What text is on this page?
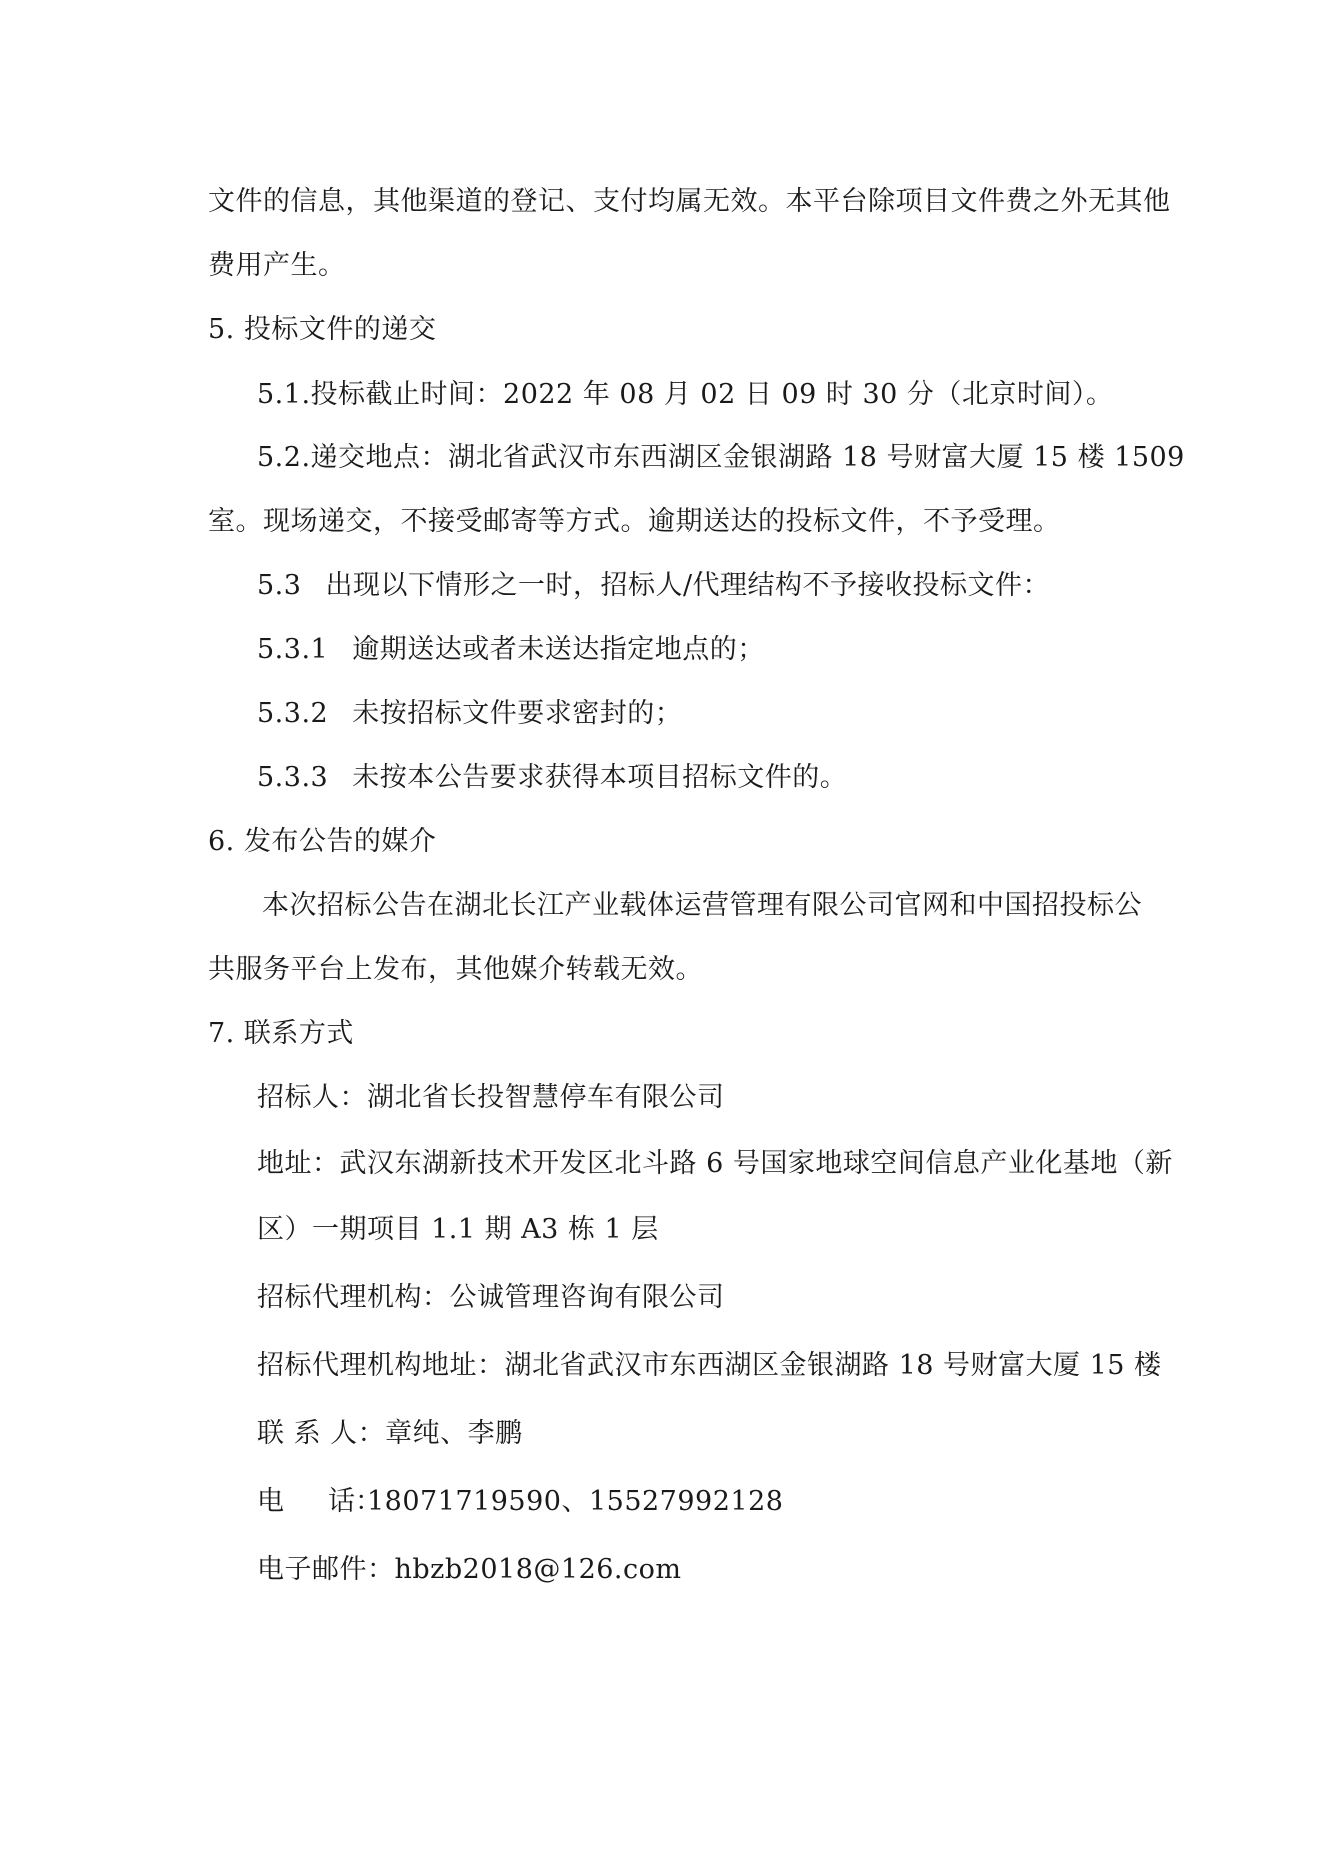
文件的信息，其他渠道的登记、支付均属无效。本平台除项目文件费之外无其他
费用产生。
5. 投标文件的递交
5.1.投标截止时间：2022 年 08 月 02 日 09 时 30 分（北京时间）。
5.2.递交地点：湖北省武汉市东西湖区金银湖路 18 号财富大厦 15 楼 1509
室。现场递交，不接受邮寄等方式。逾期送达的投标文件，不予受理。
5.3 出现以下情形之一时，招标人/代理结构不予接收投标文件：
5.3.1 逾期送达或者未送达指定地点的；
5.3.2 未按招标文件要求密封的；
5.3.3 未按本公告要求获得本项目招标文件的。
6. 发布公告的媒介
本次招标公告在湖北长江产业载体运营管理有限公司官网和中国招投标公
共服务平台上发布，其他媒介转载无效。
7. 联系方式
招标人：湖北省长投智慧停车有限公司
地址：武汉东湖新技术开发区北斗路 6 号国家地球空间信息产业化基地（新
区）一期项目 1.1 期 A3 栋 1 层
招标代理机构：公诚管理咨询有限公司
招标代理机构地址：湖北省武汉市东西湖区金银湖路 18 号财富大厦 15 楼
联 系 人：章纯、李鹏
电 话：18071719590、15527992128
电子邮件：hbzb2018@126.com
